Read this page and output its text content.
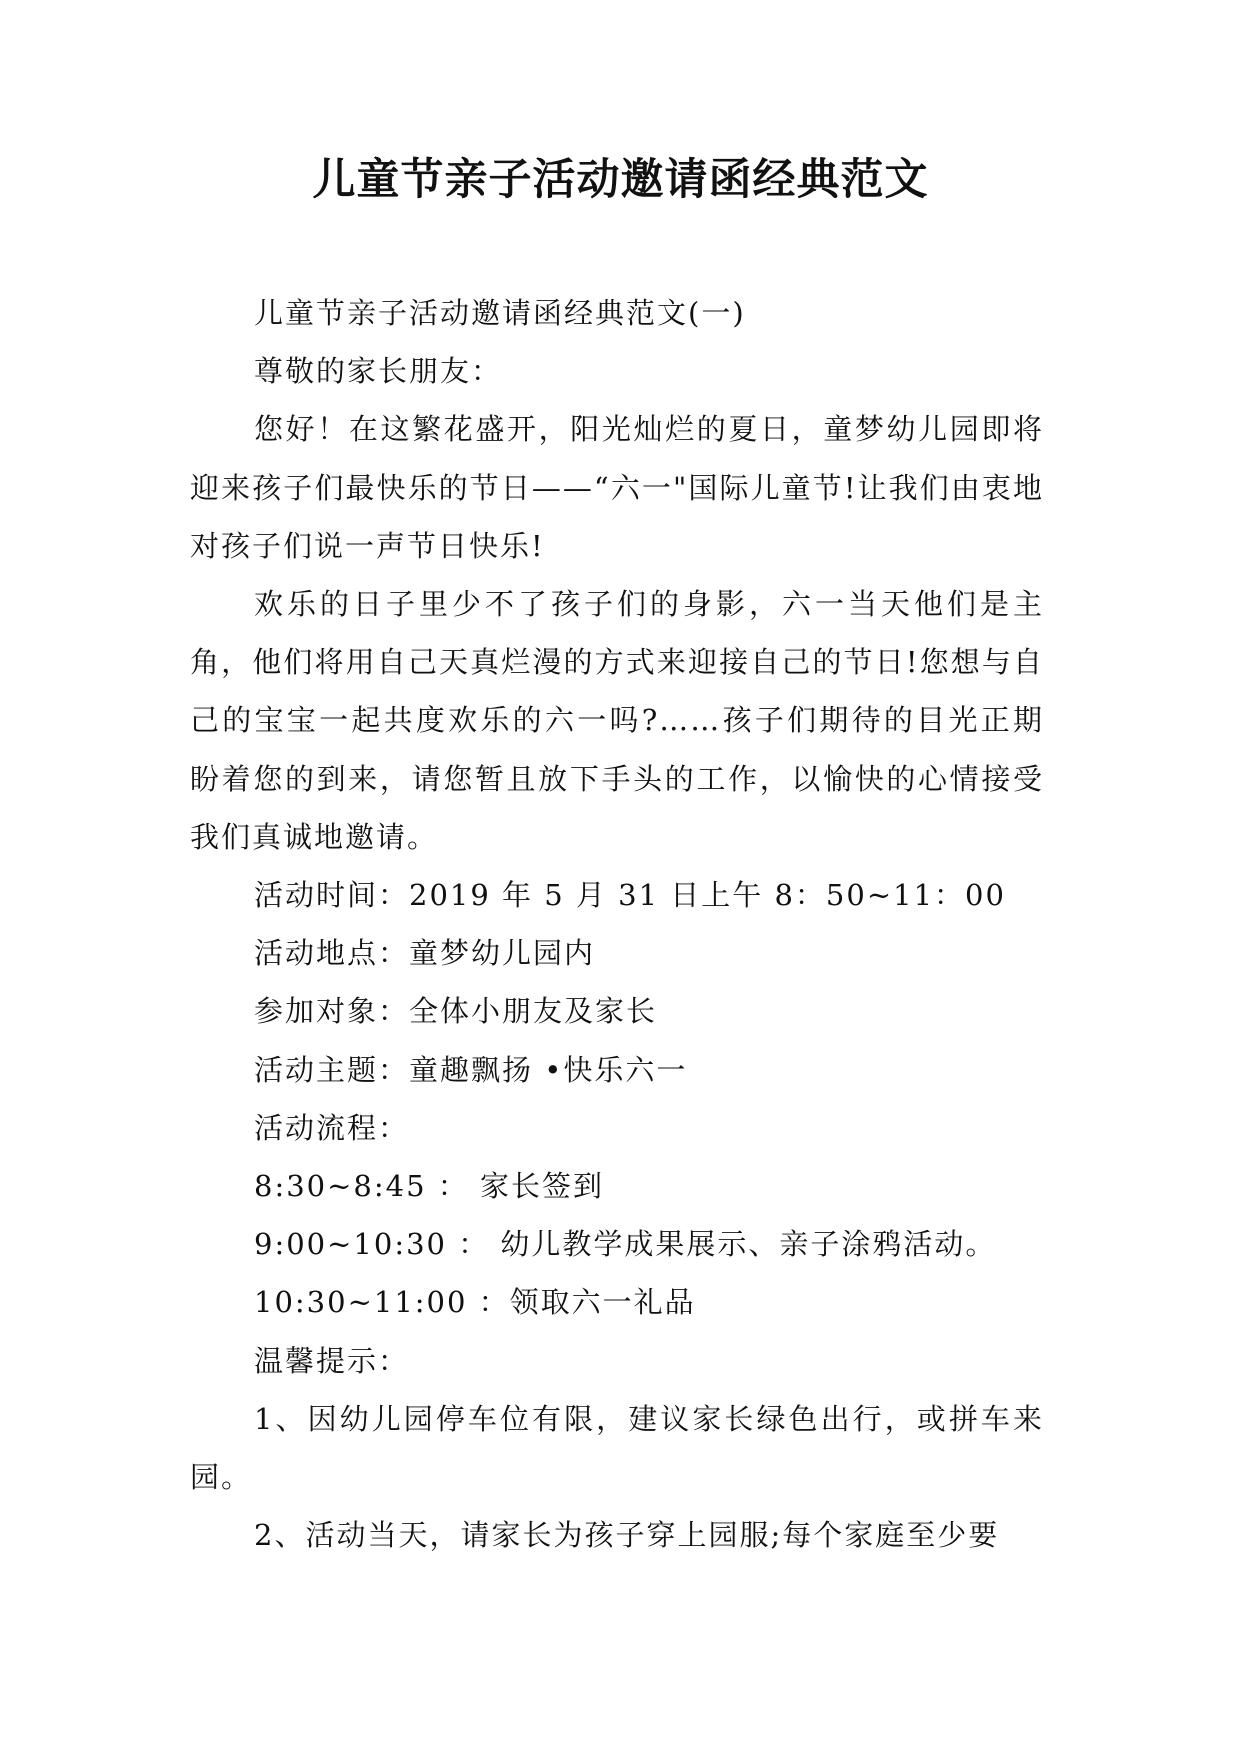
儿童节亲子活动邀请函经典范文

儿童节亲子活动邀请函经典范文(一)

尊敬的家长朋友：

您好！在这繁花盛开，阳光灿烂的夏日，童梦幼儿园即将迎来孩子们最快乐的节日——“六一"国际儿童节!让我们由衷地对孩子们说一声节日快乐!

欢乐的日子里少不了孩子们的身影，六一当天他们是主角，他们将用自己天真烂漫的方式来迎接自己的节日!您想与自己的宝宝一起共度欢乐的六一吗?……孩子们期待的目光正期盼着您的到来，请您暂且放下手头的工作，以愉快的心情接受我们真诚地邀请。

活动时间：2019 年 5 月 31 日上午 8：50~11：00

活动地点：童梦幼儿园内

参加对象：全体小朋友及家长

活动主题：童趣飘扬 •快乐六一

活动流程：

8:30~8:45 ： 家长签到

9:00~10:30 ： 幼儿教学成果展示、亲子涂鸦活动。

10:30~11:00 ：领取六一礼品

温馨提示：

1、因幼儿园停车位有限，建议家长绿色出行，或拼车来园。

2、活动当天，请家长为孩子穿上园服;每个家庭至少要
